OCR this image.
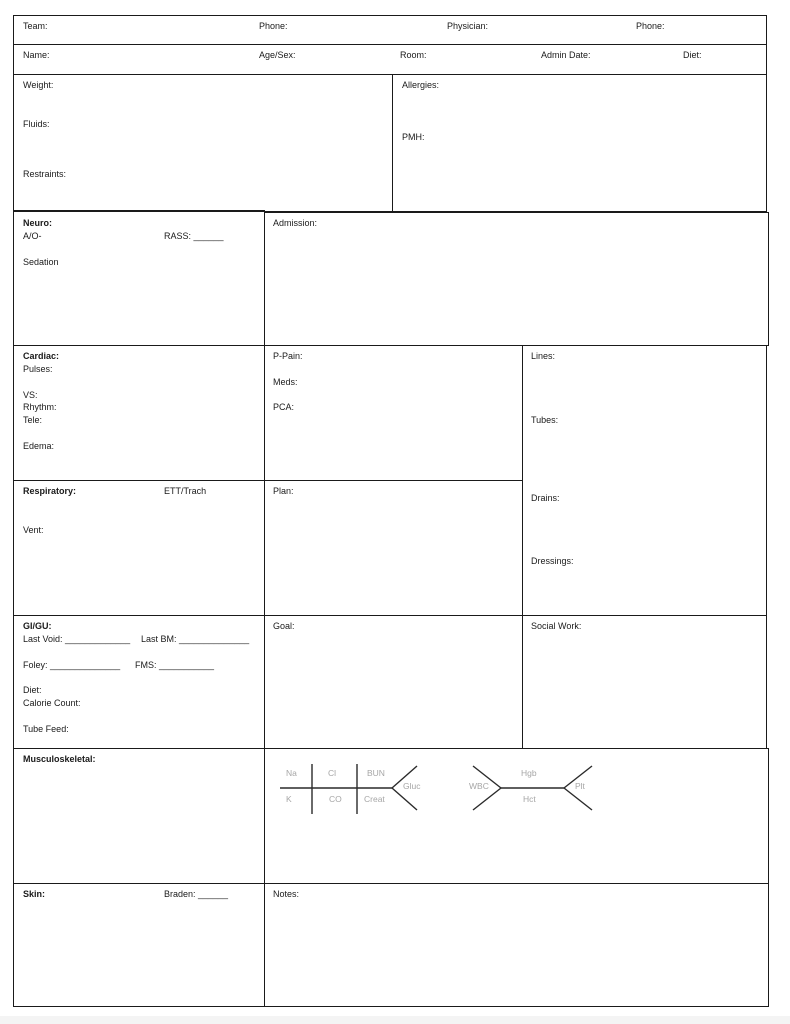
Team:	Phone:	Physician:	Phone:
Name:	Age/Sex:	Room:	Admin Date:	Diet:
Weight:
Fluids:
Restraints:
Allergies:
PMH:
Neuro:
A/O-	RASS: ______
Sedation
Admission:
Cardiac:
Pulses:
VS:
Rhythm:
Tele:
Edema:
P-Pain:
Meds:
PCA:
Lines:
Tubes:
Drains:
Dressings:
Respiratory:	ETT/Trach
Vent:
Plan:
GI/GU:
Last Void: _____________ Last BM: ______________
Foley: ______________ FMS: ___________
Diet:
Calorie Count:
Tube Feed:
Goal:	Social Work:
Musculoskeletal:
Na	Cl	BUN
K	CO	Creat
Gluc
Hgb
WBC	Plt
Hct
Skin:	Braden: ______	Notes:
